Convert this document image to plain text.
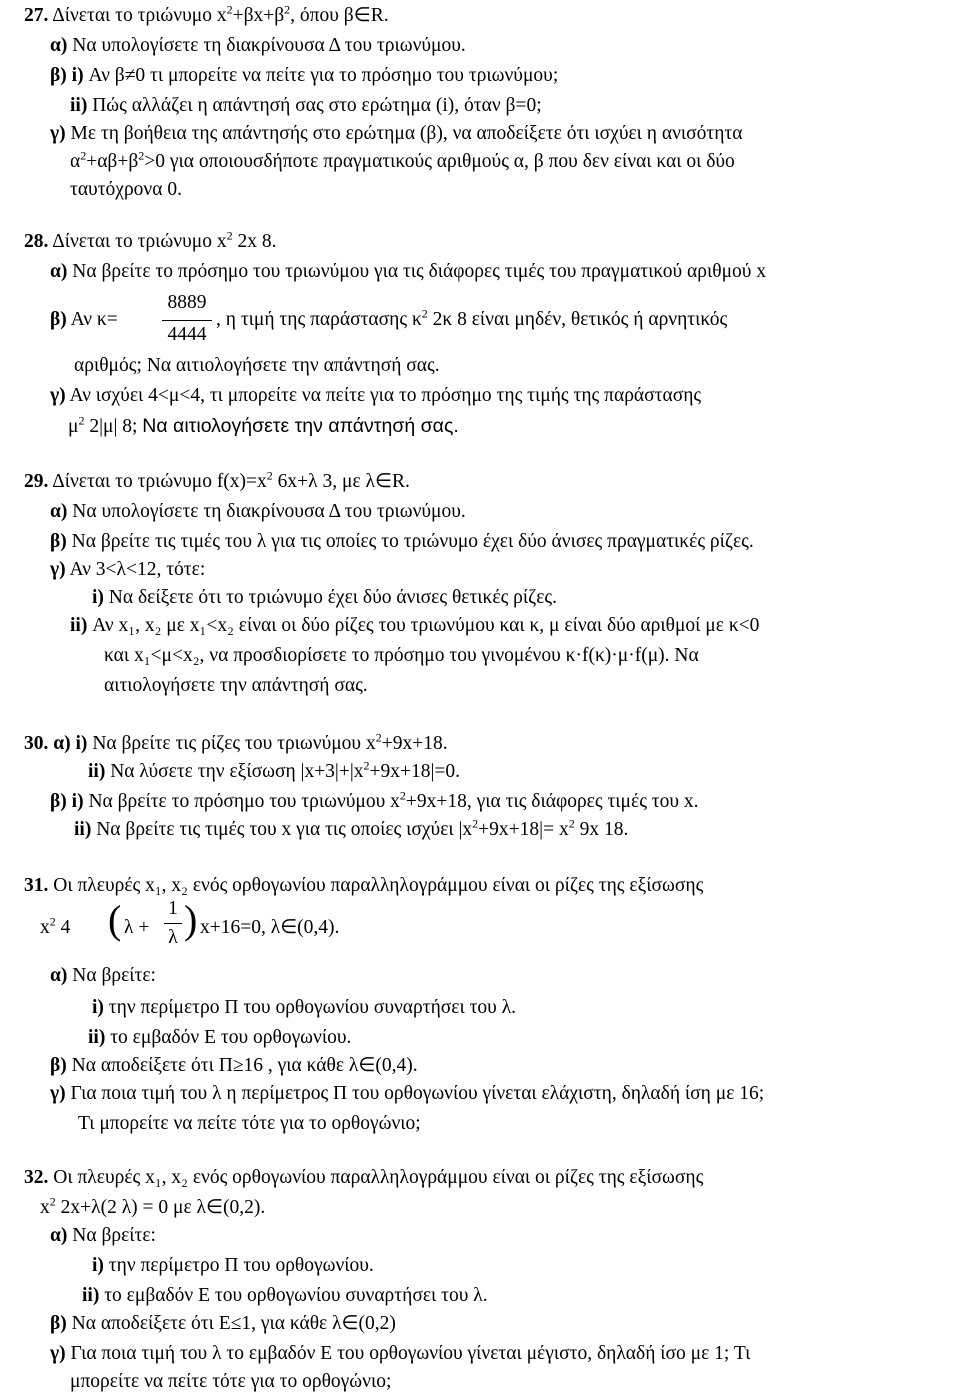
27. Δίνεται το τριώνυμο $x^2+\beta x+\beta^2$, όπου β∈R.
α) Να υπολογίσετε τη διακρίνουσα Δ του τριωνύμου.
β) i) Αν β≠0 τι μπορείτε να πείτε για το πρόσημο του τριωνύμου;
ii) Πώς αλλάζει η απάντησή σας στο ερώτημα (i), όταν β=0;
γ) Με τη βοήθεια της απάντησής στο ερώτημα (β), να αποδείξετε ότι ισχύει η ανισότητα
$\alpha^2+\alpha\beta+\beta^2>0$ για οποιουσδήποτε πραγματικούς αριθμούς α, β που δεν είναι και οι δύο
ταυτόχρονα 0.
28. Δίνεται το τριώνυμο $x^2$ 2x 8.
α) Να βρείτε το πρόσημο του τριωνύμου για τις διάφορες τιμές του πραγματικού αριθμού x
β) Αν κ=
8889
4444
, η τιμή της παράστασης $\kappa^2$ 2κ 8 είναι μηδέν, θετικός ή αρνητικός
αριθμός; Να αιτιολογήσετε την απάντησή σας.
γ) Αν ισχύει 4<μ<4, τι μπορείτε να πείτε για το πρόσημο της τιμής της παράστασης
$\mu^2$ 2|μ| 8; Να αιτιολογήσετε την απάντησή σας.
29. Δίνεται το τριώνυμο $f(x)=x^2$ 6x+λ 3, με λ∈R.
α) Να υπολογίσετε τη διακρίνουσα Δ του τριωνύμου.
β) Να βρείτε τις τιμές του λ για τις οποίες το τριώνυμο έχει δύο άνισες πραγματικές ρίζες.
γ) Αν 3<λ<12, τότε:
i) Να δείξετε ότι το τριώνυμο έχει δύο άνισες θετικές ρίζες.
ii) Αν x₁, x₂ με x₁<x₂ είναι οι δύο ρίζες του τριωνύμου και κ, μ είναι δύο αριθμοί με κ<0
και x₁<μ<x₂, να προσδιορίσετε το πρόσημο του γινομένου κ·f(κ)·μ·f(μ). Να
αιτιολογήσετε την απάντησή σας.
30. α) i) Να βρείτε τις ρίζες του τριωνύμου $x^2+9x+18$.
ii) Να λύσετε την εξίσωση $|x+3|+|x^2+9x+18|=0$.
β) i) Να βρείτε το πρόσημο του τριωνύμου $x^2+9x+18$, για τις διάφορες τιμές του x.
ii) Να βρείτε τις τιμές του x για τις οποίες ισχύει $|x^2+9x+18|= x^2$ 9x 18.
31. Οι πλευρές x₁, x₂ ενός ορθογωνίου παραλληλογράμμου είναι οι ρίζες της εξίσωσης
$x^2$ 4 ( λ +
1
λ ) x+16=0, λ∈(0,4).
α) Να βρείτε:
i) την περίμετρο Π του ορθογωνίου συναρτήσει του λ.
ii) το εμβαδόν Ε του ορθογωνίου.
β) Να αποδείξετε ότι Π≥16 , για κάθε λ∈(0,4).
γ) Για ποια τιμή του λ η περίμετρος Π του ορθογωνίου γίνεται ελάχιστη, δηλαδή ίση με 16;
Τι μπορείτε να πείτε τότε για το ορθογώνιο;
32. Οι πλευρές x₁, x₂ ενός ορθογωνίου παραλληλογράμμου είναι οι ρίζες της εξίσωσης
$x^2$ 2x+λ(2 λ) = 0 με λ∈(0,2).
α) Να βρείτε:
i) την περίμετρο Π του ορθογωνίου.
ii) το εμβαδόν Ε του ορθογωνίου συναρτήσει του λ.
β) Να αποδείξετε ότι Ε≤1, για κάθε λ∈(0,2)
γ) Για ποια τιμή του λ το εμβαδόν Ε του ορθογωνίου γίνεται μέγιστο, δηλαδή ίσο με 1; Τι
μπορείτε να πείτε τότε για το ορθογώνιο;
